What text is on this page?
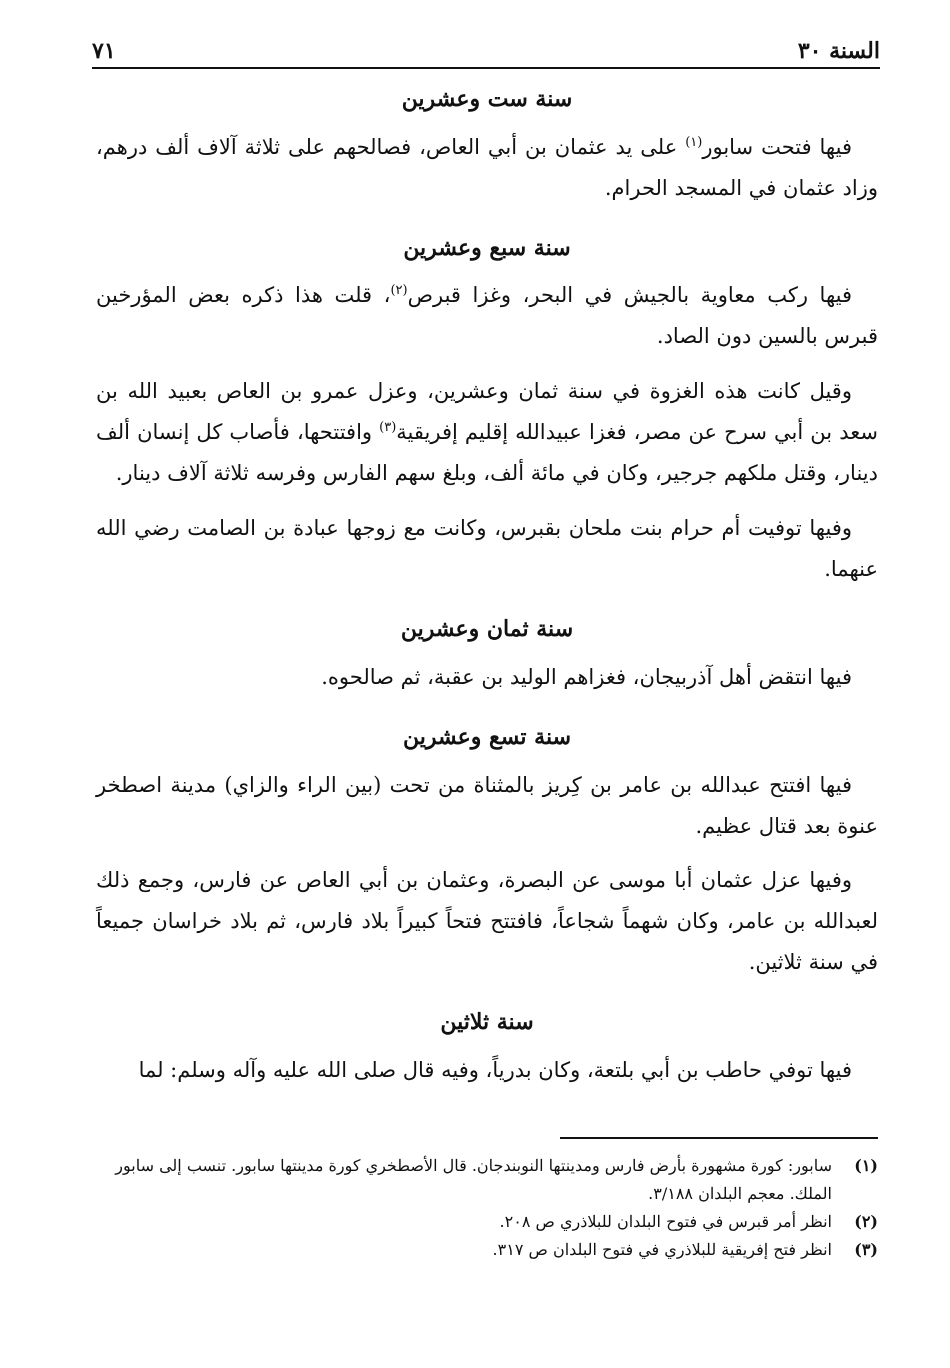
السنة ٣٠
٧١
سنة ست وعشرين

فيها فتحت سابور$^{(١)}$ على يد عثمان بن أبي العاص، فصالحهم على ثلاثة آلاف ألف درهم، وزاد عثمان في المسجد الحرام.

سنة سبع وعشرين

فيها ركب معاوية بالجيش في البحر، وغزا قبرص$^{(٢)}$، قلت هذا ذكره بعض المؤرخين قبرس بالسين دون الصاد.

وقيل كانت هذه الغزوة في سنة ثمان وعشرين، وعزل عمرو بن العاص بعبيد الله بن سعد بن أبي سرح عن مصر، فغزا عبيدالله إقليم إفريقية$^{(٣)}$ وافتتحها، فأصاب كل إنسان ألف دينار، وقتل ملكهم جرجير، وكان في مائة ألف، وبلغ سهم الفارس وفرسه ثلاثة آلاف دينار.

وفيها توفيت أم حرام بنت ملحان بقبرس، وكانت مع زوجها عبادة بن الصامت رضي الله عنهما.

سنة ثمان وعشرين

فيها انتقض أهل آذربيجان، فغزاهم الوليد بن عقبة، ثم صالحوه.

سنة تسع وعشرين

فيها افتتح عبدالله بن عامر بن كِريز بالمثناة من تحت (بين الراء والزاي) مدينة اصطخر عنوة بعد قتال عظيم.

وفيها عزل عثمان أبا موسى عن البصرة، وعثمان بن أبي العاص عن فارس، وجمع ذلك لعبدالله بن عامر، وكان شهماً شجاعاً، فافتتح فتحاً كبيراً بلاد فارس، ثم بلاد خراسان جميعاً في سنة ثلاثين.

سنة ثلاثين

فيها توفي حاطب بن أبي بلتعة، وكان بدرياً، وفيه قال صلى الله عليه وآله وسلم: لما

(١)
سابور: كورة مشهورة بأرض فارس ومدينتها النوبندجان. قال الأصطخري كورة مدينتها سابور. تنسب إلى سابور الملك. معجم البلدان ٣/١٨٨.
(٢)
انظر أمر قبرس في فتوح البلدان للبلاذري ص ٢٠٨.
(٣)
انظر فتح إفريقية للبلاذري في فتوح البلدان ص ٣١٧.
